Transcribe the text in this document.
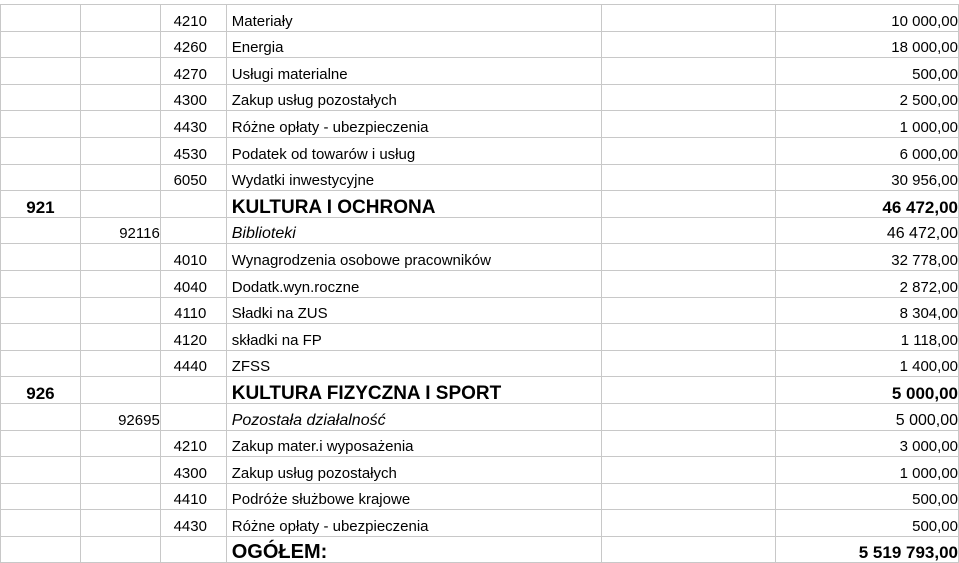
		4210	Materiały		10 000,00
		4260	Energia		18 000,00
		4270	Usługi materialne		500,00
		4300	Zakup usług pozostałych		2 500,00
		4430	Różne opłaty - ubezpieczenia		1 000,00
		4530	Podatek od towarów i usług		6 000,00
		6050	Wydatki inwestycyjne		30 956,00
921			KULTURA I OCHRONA		46 472,00
	92116		Biblioteki		46 472,00
		4010	Wynagrodzenia osobowe pracowników		32 778,00
		4040	Dodatk.wyn.roczne		2 872,00
		4110	Sładki na ZUS		8 304,00
		4120	składki na FP		1 118,00
		4440	ZFSS		1 400,00
926			KULTURA FIZYCZNA I SPORT		5 000,00
	92695		Pozostała działalność		5 000,00
		4210	Zakup mater.i wyposażenia		3 000,00
		4300	Zakup usług pozostałych		1 000,00
		4410	Podróże służbowe krajowe		500,00
		4430	Różne opłaty - ubezpieczenia		500,00
			OGÓŁEM:		5 519 793,00
